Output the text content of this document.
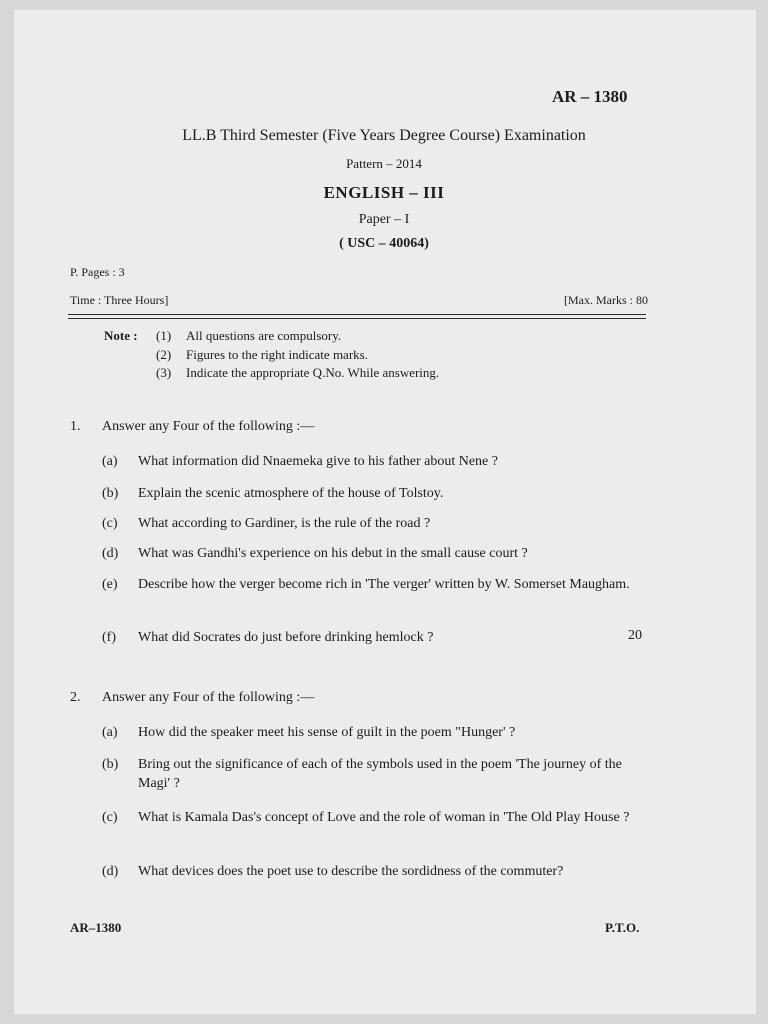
AR – 1380
LL.B Third Semester (Five Years Degree Course) Examination
Pattern – 2014
ENGLISH – III
Paper – I
( USC – 40064)
P. Pages : 3
Time : Three Hours]	[Max. Marks : 80
Note : (1) All questions are compulsory.
(2) Figures to the right indicate marks.
(3) Indicate the appropriate Q.No. While answering.
1. Answer any Four of the following :—
(a)	What information did Nnaemeka give to his father about Nene ?
(b)	Explain the scenic atmosphere of the house of Tolstoy.
(c)	What according to Gardiner, is the rule of the road ?
(d)	What was Gandhi's experience on his debut in the small cause court ?
(e)	Describe how the verger become rich in 'The verger' written by W. Somerset Maugham.
(f)	What did Socrates do just before drinking hemlock ?	20
2. Answer any Four of the following :—
(a)	How did the speaker meet his sense of guilt in the poem "Hunger' ?
(b)	Bring out the significance of each of the symbols used in the poem 'The journey of the Magi' ?
(c)	What is Kamala Das's concept of Love and the role of woman in 'The Old Play House ?
(d)	What devices does the poet use to describe the sordidness of the commuter?
AR–1380	P.T.O.
